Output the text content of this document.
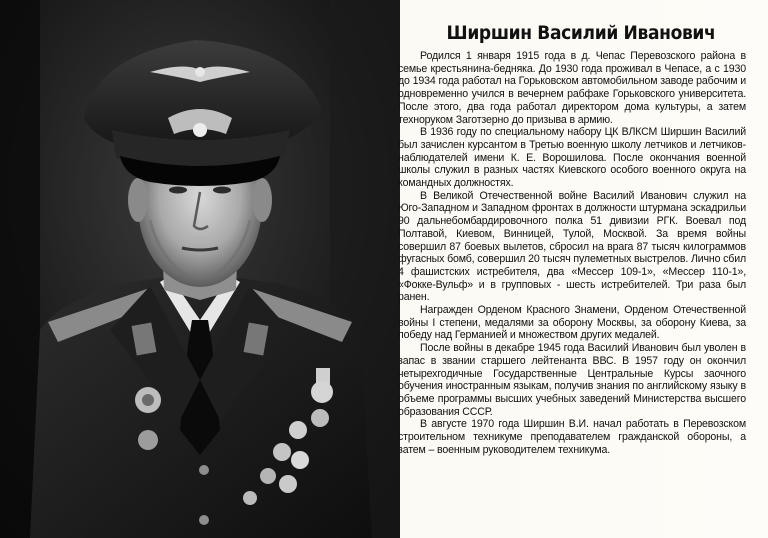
Ширшин Василий Иванович

Родился 1 января 1915 года в д. Чепас Перевозского района в семье крестьянина-бедняка. До 1930 года проживал в Чепасе, а с 1930 до 1934 года работал на Горьковском автомобильном заводе рабочим и одновременно учился в вечернем рабфаке Горьковского университета. После этого, два года работал директором дома культуры, а затем техноруком Заготзерно до призыва в армию.

В 1936 году по специальному набору ЦК ВЛКСМ Ширшин Василий был зачислен курсантом в Третью военную школу летчиков и летчиков-наблюдателей имени К. Е. Ворошилова. После окончания военной школы служил в разных частях Киевского особого военного округа на командных должностях.

В Великой Отечественной войне Василий Иванович служил на Юго-Западном и Западном фронтах в должности штурмана эскадрильи 90 дальнебомбардировочного полка 51 дивизии РГК. Воевал под Полтавой, Киевом, Винницей, Тулой, Москвой. За время войны совершил 87 боевых вылетов, сбросил на врага 87 тысяч килограммов фугасных бомб, совершил 20 тысяч пулеметных выстрелов. Лично сбил 4 фашистских истребителя, два «Мессер 109-1», «Мессер 110-1», «Фокке-Вульф» и в групповых - шесть истребителей. Три раза был ранен.

Награжден Орденом Красного Знамени, Орденом Отечественной войны I степени, медалями за оборону Москвы, за оборону Киева, за победу над Германией и множеством других медалей.

После войны в декабре 1945 года Василий Иванович был уволен в запас в звании старшего лейтенанта ВВС. В 1957 году он окончил четырехгодичные Государственные Центральные Курсы заочного обучения иностранным языкам, получив знания по английскому языку в объеме программы высших учебных заведений Министерства высшего образования СССР.

В августе 1970 года Ширшин В.И. начал работать в Перевозском строительном техникуме преподавателем гражданской обороны, а затем – военным руководителем техникума.
